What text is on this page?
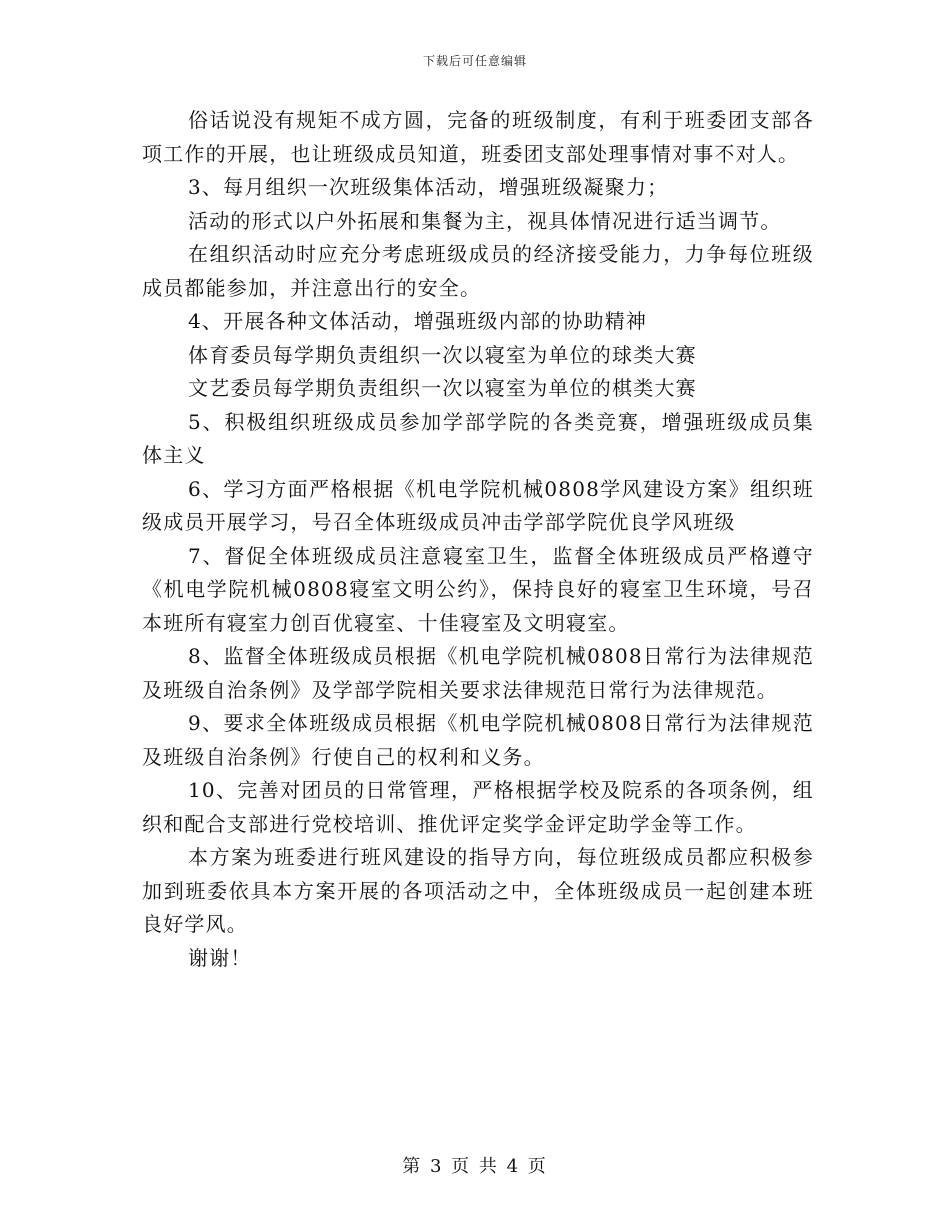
下载后可任意编辑

俗话说没有规矩不成方圆，完备的班级制度，有利于班委团支部各项工作的开展，也让班级成员知道，班委团支部处理事情对事不对人。

3、每月组织一次班级集体活动，增强班级凝聚力；

活动的形式以户外拓展和集餐为主，视具体情况进行适当调节。

在组织活动时应充分考虑班级成员的经济接受能力，力争每位班级成员都能参加，并注意出行的安全。

4、开展各种文体活动，增强班级内部的协助精神

体育委员每学期负责组织一次以寝室为单位的球类大赛

文艺委员每学期负责组织一次以寝室为单位的棋类大赛

5、积极组织班级成员参加学部学院的各类竞赛，增强班级成员集体主义

6、学习方面严格根据《机电学院机械0808学风建设方案》组织班级成员开展学习，号召全体班级成员冲击学部学院优良学风班级

7、督促全体班级成员注意寝室卫生，监督全体班级成员严格遵守《机电学院机械0808寝室文明公约》，保持良好的寝室卫生环境，号召本班所有寝室力创百优寝室、十佳寝室及文明寝室。

8、监督全体班级成员根据《机电学院机械0808日常行为法律规范及班级自治条例》及学部学院相关要求法律规范日常行为法律规范。

9、要求全体班级成员根据《机电学院机械0808日常行为法律规范及班级自治条例》行使自己的权利和义务。

10、完善对团员的日常管理，严格根据学校及院系的各项条例，组织和配合支部进行党校培训、推优评定奖学金评定助学金等工作。

本方案为班委进行班风建设的指导方向，每位班级成员都应积极参加到班委依具本方案开展的各项活动之中，全体班级成员一起创建本班良好学风。

谢谢！

第 3 页 共 4 页
